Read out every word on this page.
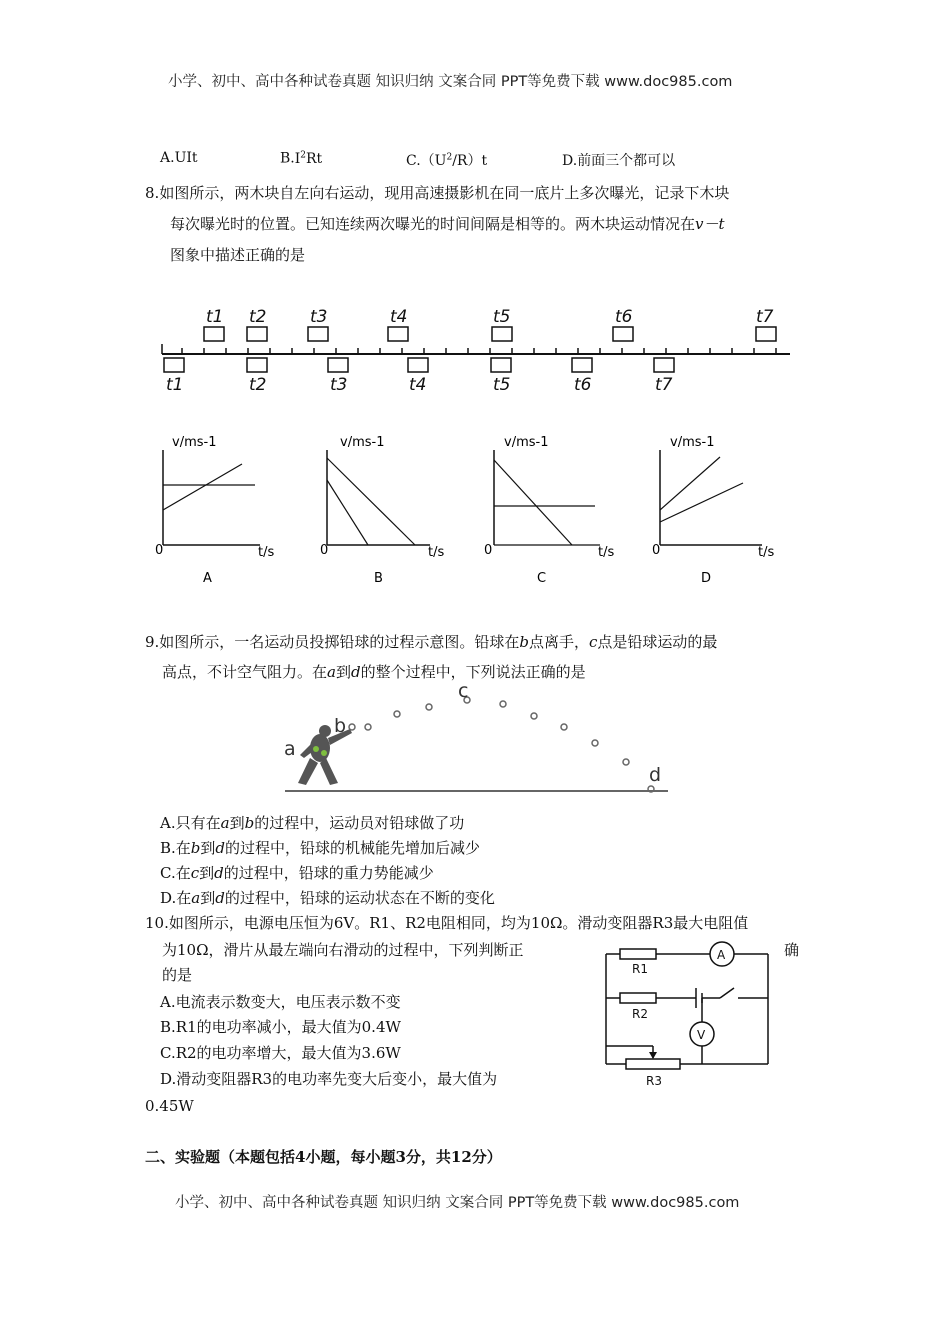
小学、初中、高中各种试卷真题 知识归纳 文案合同 PPT等免费下载 www.doc985.com
A.UIt	$B.I^2Rt$	$C.(U^2/R)t$	D.前面三个都可以
8.如图所示，两木块自左向右运动，现用高速摄影机在同一底片上多次曝光，记录下木块
每次曝光时的位置。已知连续两次曝光的时间间隔是相等的。两木块运动情况在v－t
图象中描述正确的是
t1 t2	t3	t4	t5	t6	t7
t1	t2	t3	t4	t5	t6	t7
v/ms-1
0	t/s
A
v/ms-1
0	t/s
B
v/ms-1
0	t/s
C
v/ms-1
0	t/s
D
9.如图所示，一名运动员投掷铅球的过程示意图。铅球在b点离手，c点是铅球运动的最
高点，不计空气阻力。在a到d的整个过程中，下列说法正确的是
a
b
c
d
A.只有在a到b的过程中，运动员对铅球做了功
B.在b到d的过程中，铅球的机械能先增加后减少
C.在c到d的过程中，铅球的重力势能减少
D.在a到d的过程中，铅球的运动状态在不断的变化
10.如图所示，电源电压恒为6V。R1、R2电阻相同，均为10Ω。滑动变阻器R3最大电阻值
为10Ω，滑片从最左端向右滑动的过程中，下列判断正	确
的是
A.电流表示数变大，电压表示数不变
B.R1的电功率减小，最大值为0.4W
C.R2的电功率增大，最大值为3.6W
D.滑动变阻器R3的电功率先变大后变小，最大值为
0.45W
R1
R2
R3
A
V
二、实验题（本题包括4小题，每小题3分，共12分）
小学、初中、高中各种试卷真题 知识归纳 文案合同 PPT等免费下载 www.doc985.com
